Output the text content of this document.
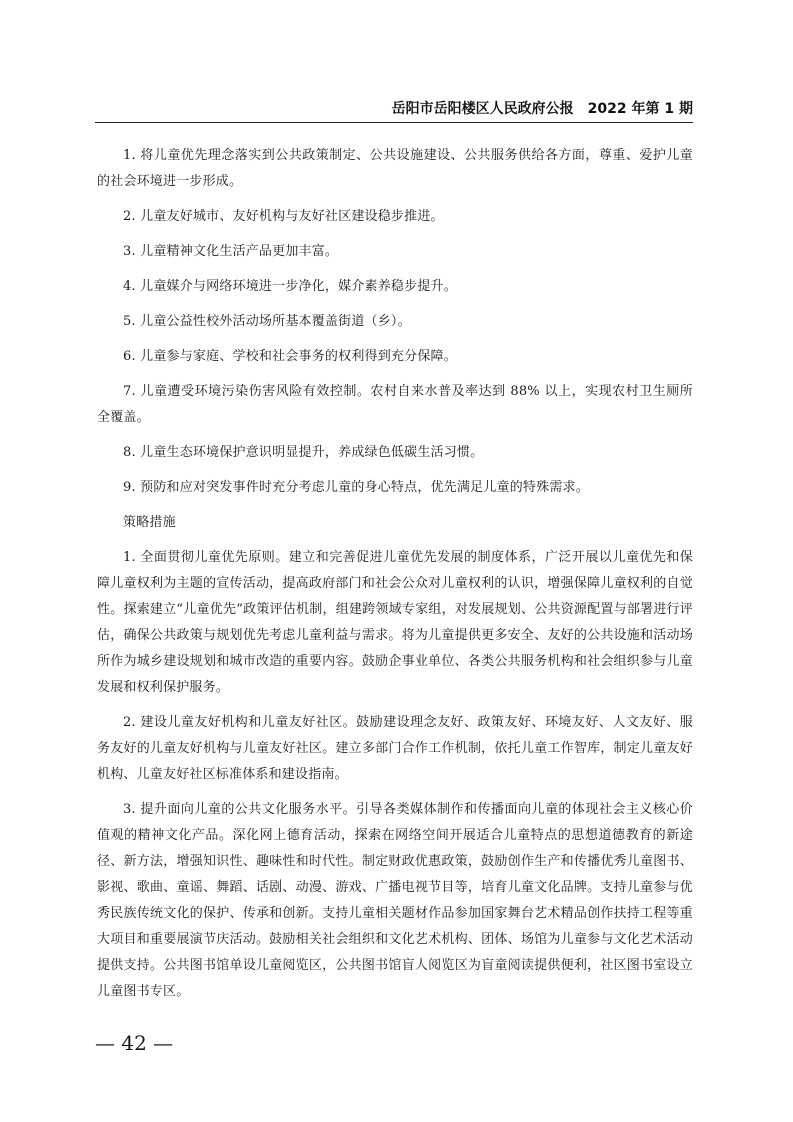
岳阳市岳阳楼区人民政府公报　2022 年第 1 期

1. 将儿童优先理念落实到公共政策制定、公共设施建设、公共服务供给各方面，尊重、爱护儿童的社会环境进一步形成。

2. 儿童友好城市、友好机构与友好社区建设稳步推进。

3. 儿童精神文化生活产品更加丰富。

4. 儿童媒介与网络环境进一步净化，媒介素养稳步提升。

5. 儿童公益性校外活动场所基本覆盖街道（乡）。

6. 儿童参与家庭、学校和社会事务的权利得到充分保障。

7. 儿童遭受环境污染伤害风险有效控制。农村自来水普及率达到 88% 以上，实现农村卫生厕所全覆盖。

8. 儿童生态环境保护意识明显提升，养成绿色低碳生活习惯。

9. 预防和应对突发事件时充分考虑儿童的身心特点，优先满足儿童的特殊需求。

策略措施

1. 全面贯彻儿童优先原则。建立和完善促进儿童优先发展的制度体系，广泛开展以儿童优先和保障儿童权利为主题的宣传活动，提高政府部门和社会公众对儿童权利的认识，增强保障儿童权利的自觉性。探索建立“儿童优先”政策评估机制，组建跨领域专家组，对发展规划、公共资源配置与部署进行评估，确保公共政策与规划优先考虑儿童利益与需求。将为儿童提供更多安全、友好的公共设施和活动场所作为城乡建设规划和城市改造的重要内容。鼓励企事业单位、各类公共服务机构和社会组织参与儿童发展和权利保护服务。

2. 建设儿童友好机构和儿童友好社区。鼓励建设理念友好、政策友好、环境友好、人文友好、服务友好的儿童友好机构与儿童友好社区。建立多部门合作工作机制，依托儿童工作智库，制定儿童友好机构、儿童友好社区标准体系和建设指南。

3. 提升面向儿童的公共文化服务水平。引导各类媒体制作和传播面向儿童的体现社会主义核心价值观的精神文化产品。深化网上德育活动，探索在网络空间开展适合儿童特点的思想道德教育的新途径、新方法，增强知识性、趣味性和时代性。制定财政优惠政策，鼓励创作生产和传播优秀儿童图书、影视、歌曲、童谣、舞蹈、话剧、动漫、游戏、广播电视节目等，培育儿童文化品牌。支持儿童参与优秀民族传统文化的保护、传承和创新。支持儿童相关题材作品参加国家舞台艺术精品创作扶持工程等重大项目和重要展演节庆活动。鼓励相关社会组织和文化艺术机构、团体、场馆为儿童参与文化艺术活动提供支持。公共图书馆单设儿童阅览区，公共图书馆盲人阅览区为盲童阅读提供便利，社区图书室设立儿童图书专区。

— 42 —
